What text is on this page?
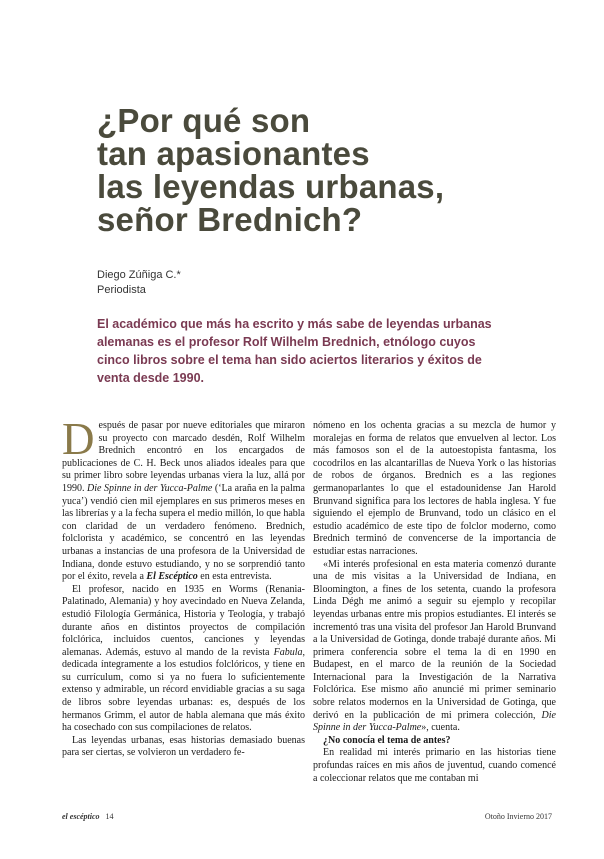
¿Por qué son
tan apasionantes
las leyendas urbanas,
señor Brednich?
Diego Zúñiga C.*
Periodista
El académico que más ha escrito y más sabe de leyendas urbanas
alemanas es el profesor Rolf Wilhelm Brednich, etnólogo cuyos
cinco libros sobre el tema han sido aciertos literarios y éxitos de
venta desde 1990.

Después de pasar por nueve editoriales que miraron su proyecto con marcado desdén, Rolf Wilhelm Brednich encontró en los encargados de publicaciones de C. H. Beck unos aliados ideales para que su primer libro sobre leyendas urbanas viera la luz, allá por 1990. Die Spinne in der Yucca-Palme (‘La araña en la palma yuca’) vendió cien mil ejemplares en sus primeros meses en las librerías y a la fecha supera el medio millón, lo que habla con claridad de un verdadero fenómeno. Brednich, folclorista y académico, se concentró en las leyendas urbanas a instancias de una profesora de la Universidad de Indiana, donde estuvo estudiando, y no se sorprendió tanto por el éxito, revela a El Escéptico en esta entrevista.

El profesor, nacido en 1935 en Worms (Renania-Palatinado, Alemania) y hoy avecindado en Nueva Zelanda, estudió Filología Germánica, Historia y Teología, y trabajó durante años en distintos proyectos de compilación folclórica, incluidos cuentos, canciones y leyendas alemanas. Además, estuvo al mando de la revista Fabula, dedicada íntegramente a los estudios folclóricos, y tiene en su currículum, como si ya no fuera lo suficientemente extenso y admirable, un récord envidiable gracias a su saga de libros sobre leyendas urbanas: es, después de los hermanos Grimm, el autor de habla alemana que más éxito ha cosechado con sus compilaciones de relatos.

Las leyendas urbanas, esas historias demasiado buenas para ser ciertas, se volvieron un verdadero fe-

nómeno en los ochenta gracias a su mezcla de humor y moralejas en forma de relatos que envuelven al lector. Los más famosos son el de la autoestopista fantasma, los cocodrilos en las alcantarillas de Nueva York o las historias de robos de órganos. Brednich es a las regiones germanoparlantes lo que el estadounidense Jan Harold Brunvand significa para los lectores de habla inglesa. Y fue siguiendo el ejemplo de Brunvand, todo un clásico en el estudio académico de este tipo de folclor moderno, como Brednich terminó de convencerse de la importancia de estudiar estas narraciones.

«Mi interés profesional en esta materia comenzó durante una de mis visitas a la Universidad de Indiana, en Bloomington, a fines de los setenta, cuando la profesora Linda Dégh me animó a seguir su ejemplo y recopilar leyendas urbanas entre mis propios estudiantes. El interés se incrementó tras una visita del profesor Jan Harold Brunvand a la Universidad de Gotinga, donde trabajé durante años. Mi primera conferencia sobre el tema la di en 1990 en Budapest, en el marco de la reunión de la Sociedad Internacional para la Investigación de la Narrativa Folclórica. Ese mismo año anuncié mi primer seminario sobre relatos modernos en la Universidad de Gotinga, que derivó en la publicación de mi primera colección, Die Spinne in der Yucca-Palme», cuenta.

¿No conocía el tema de antes?

En realidad mi interés primario en las historias tiene profundas raíces en mis años de juventud, cuando comencé a coleccionar relatos que me contaban mi

el escéptico 14	Otoño Invierno 2017
